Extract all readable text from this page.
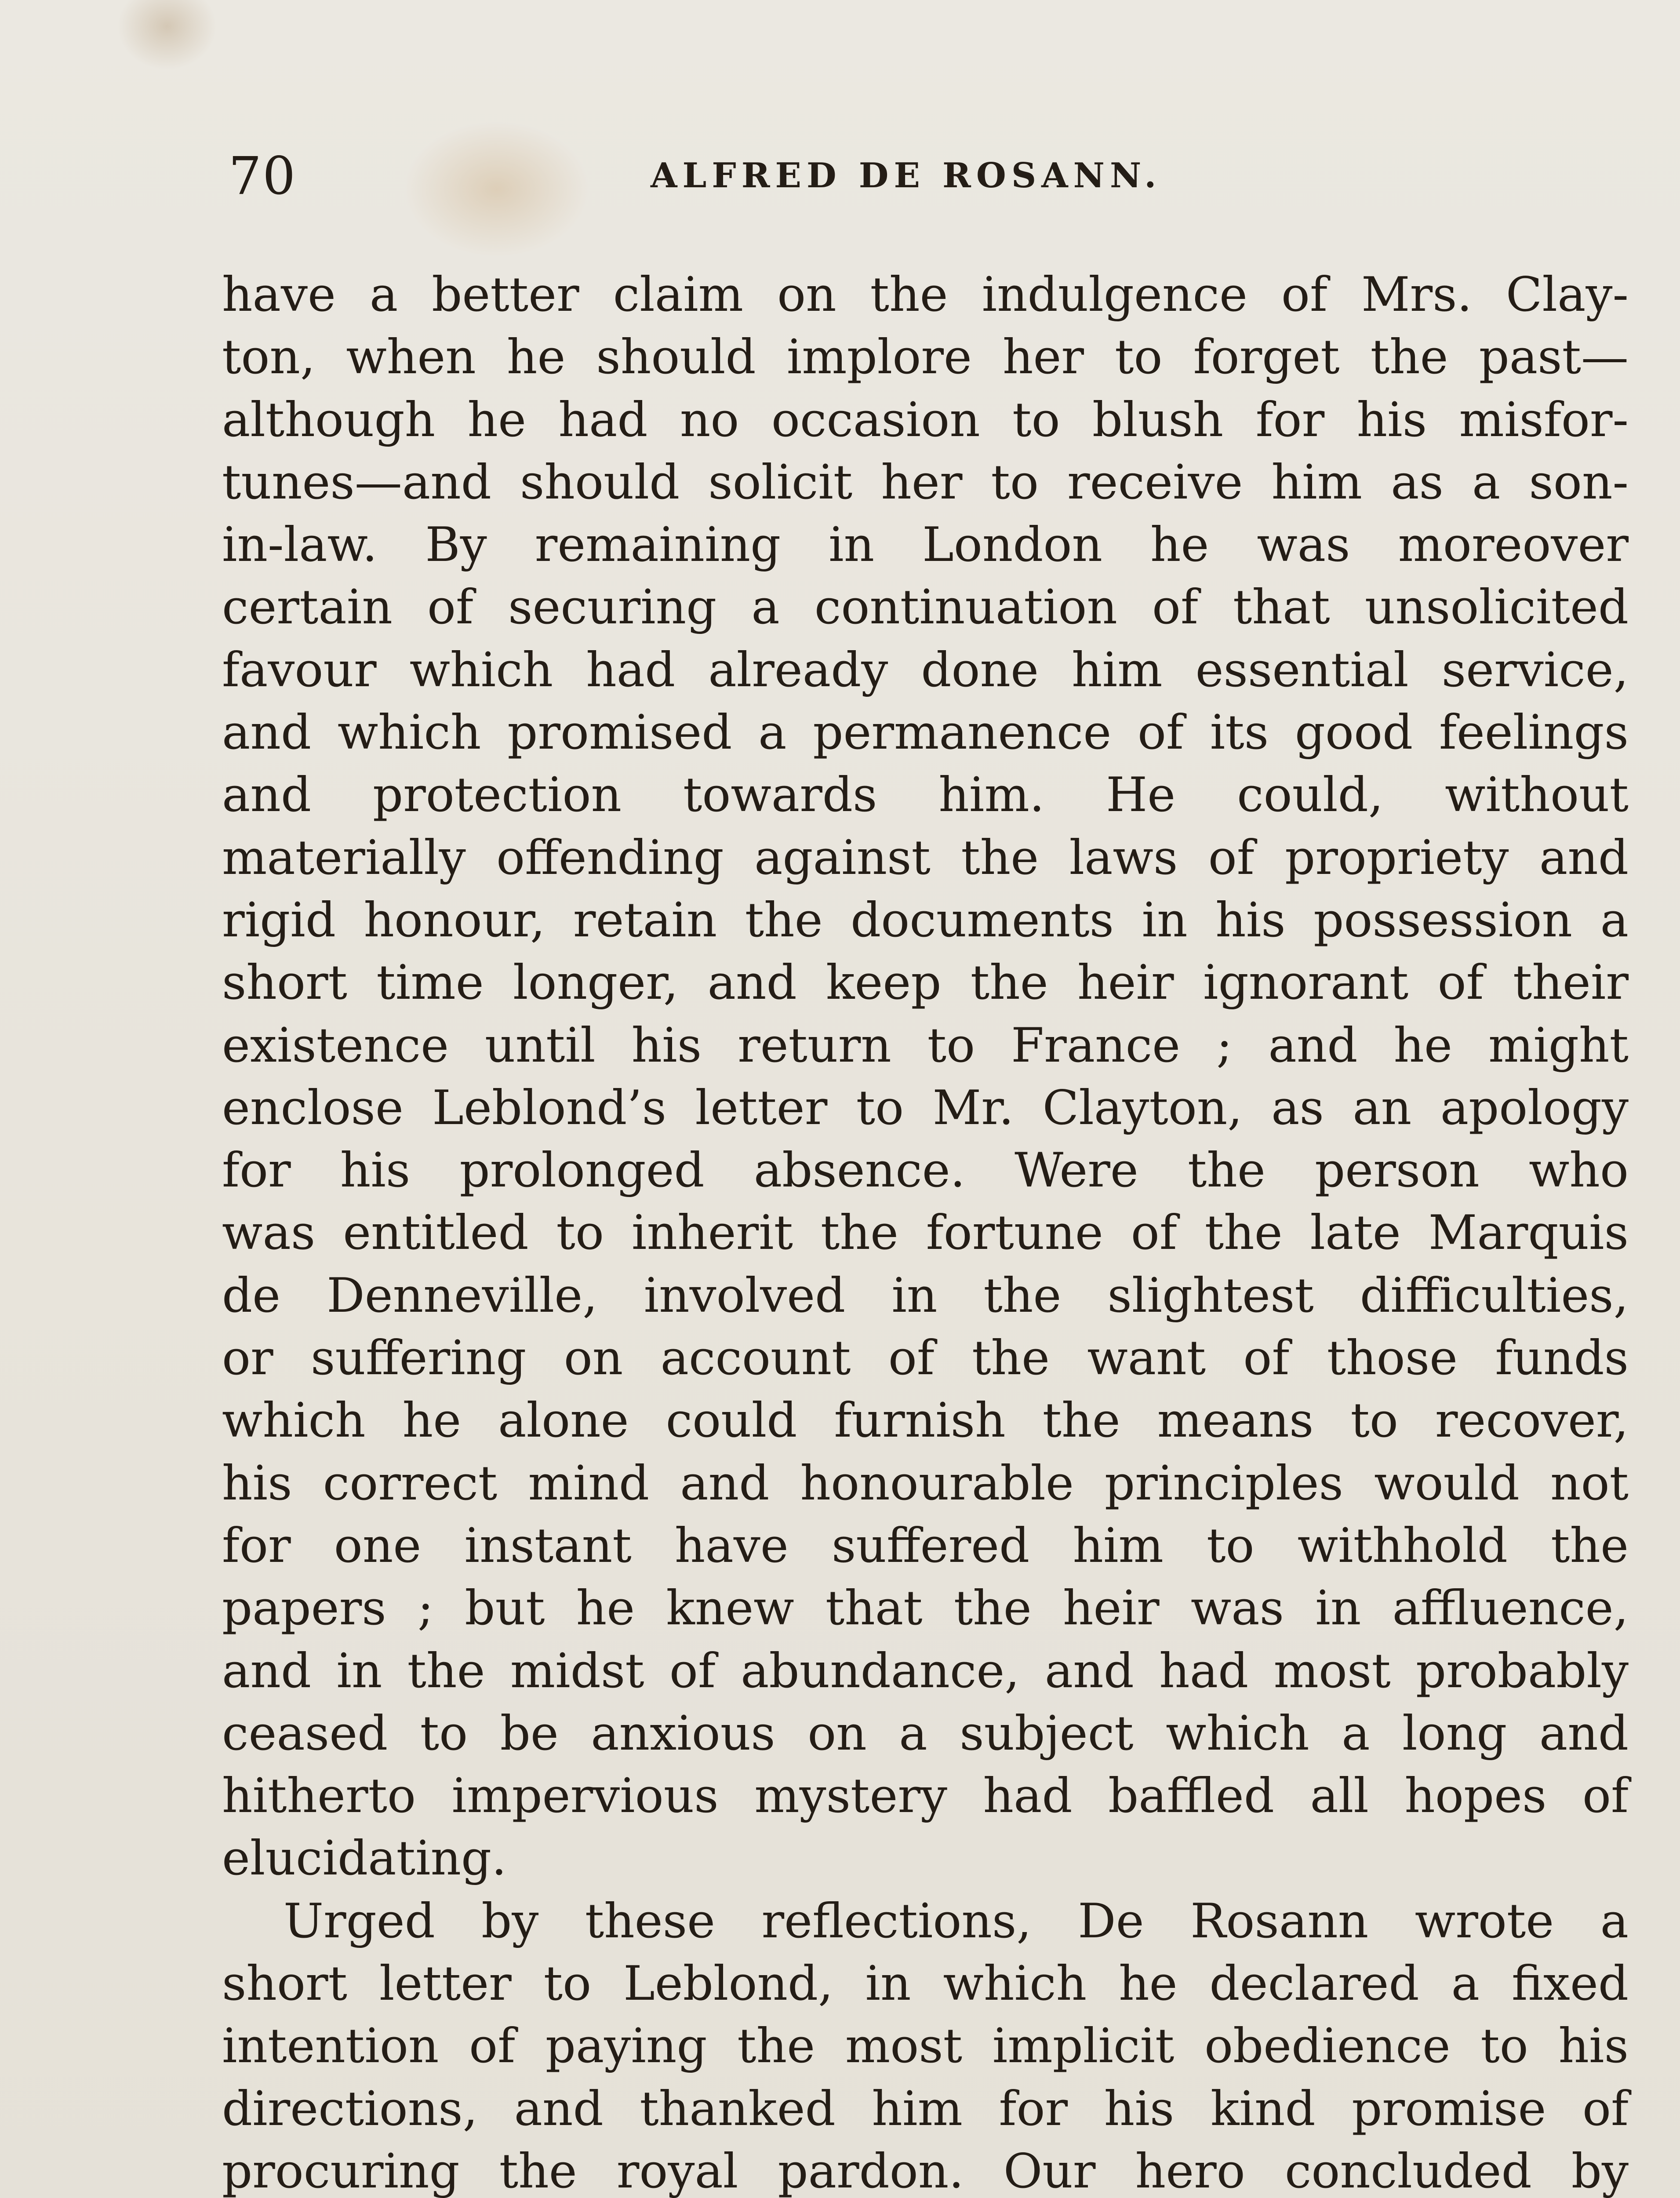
70	ALFRED DE ROSANN.
have a better claim on the indulgence of Mrs. Clay-
ton, when he should implore her to forget the past—
although he had no occasion to blush for his misfor-
tunes—and should solicit her to receive him as a son-
in-law. By remaining in London he was moreover
certain of securing a continuation of that unsolicited
favour which had already done him essential service,
and which promised a permanence of its good feelings
and protection towards him. He could, without
materially offending against the laws of propriety and
rigid honour, retain the documents in his possession a
short time longer, and keep the heir ignorant of their
existence until his return to France ; and he might
enclose Leblond’s letter to Mr. Clayton, as an apology
for his prolonged absence. Were the person who
was entitled to inherit the fortune of the late Marquis
de Denneville, involved in the slightest difficulties,
or suffering on account of the want of those funds
which he alone could furnish the means to recover,
his correct mind and honourable principles would not
for one instant have suffered him to withhold the
papers ; but he knew that the heir was in affluence,
and in the midst of abundance, and had most probably
ceased to be anxious on a subject which a long and
hitherto impervious mystery had baffled all hopes of
elucidating.
Urged by these reflections, De Rosann wrote a
short letter to Leblond, in which he declared a fixed
intention of paying the most implicit obedience to his
directions, and thanked him for his kind promise of
procuring the royal pardon. Our hero concluded by
